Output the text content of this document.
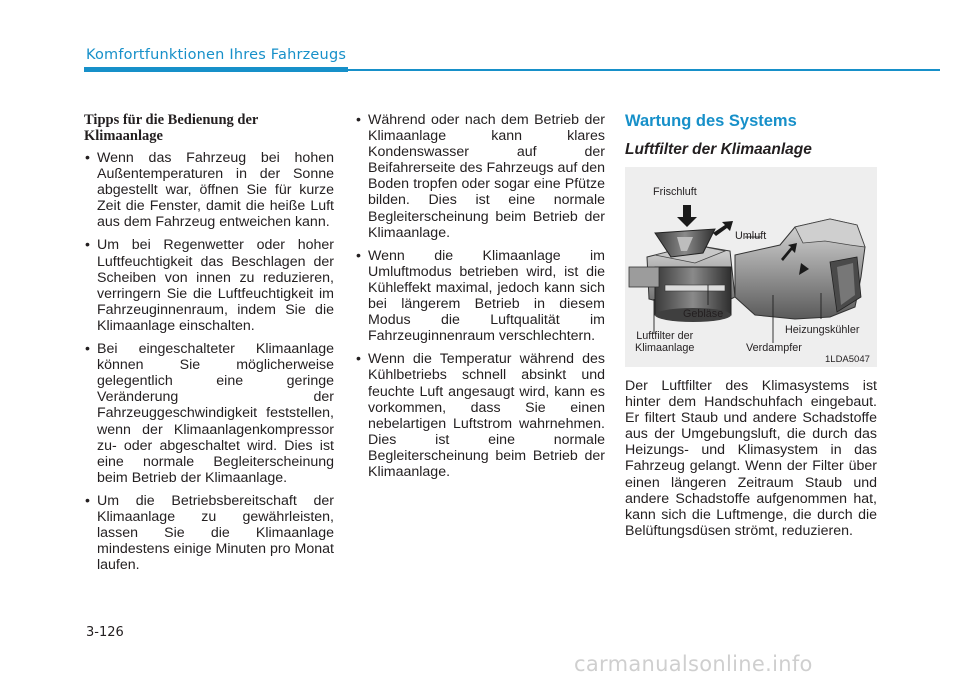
Komfortfunktionen Ihres Fahrzeugs
Tipps für die Bedienung der Klimaanlage
• Wenn das Fahrzeug bei hohen Außentemperaturen in der Sonne abgestellt war, öffnen Sie für kurze Zeit die Fenster, damit die heiße Luft aus dem Fahrzeug entweichen kann.
• Um bei Regenwetter oder hoher Luftfeuchtigkeit das Beschlagen der Scheiben von innen zu reduzieren, verringern Sie die Luftfeuchtigkeit im Fahrzeuginnenraum, indem Sie die Klimaanlage einschalten.
• Bei eingeschalteter Klimaanlage können Sie möglicherweise gelegentlich eine geringe Veränderung der Fahrzeuggeschwindigkeit feststellen, wenn der Klimaanlagenkompressor zu- oder abgeschaltet wird. Dies ist eine normale Begleiterscheinung beim Betrieb der Klimaanlage.
• Um die Betriebsbereitschaft der Klimaanlage zu gewährleisten, lassen Sie die Klimaanlage mindestens einige Minuten pro Monat laufen.
• Während oder nach dem Betrieb der Klimaanlage kann klares Kondenswasser auf der Beifahrerseite des Fahrzeugs auf den Boden tropfen oder sogar eine Pfütze bilden. Dies ist eine normale Begleiterscheinung beim Betrieb der Klimaanlage.
• Wenn die Klimaanlage im Umluftmodus betrieben wird, ist die Kühleffekt maximal, jedoch kann sich bei längerem Betrieb in diesem Modus die Luftqualität im Fahrzeuginnenraum verschlechtern.
• Wenn die Temperatur während des Kühlbetriebs schnell absinkt und feuchte Luft angesaugt wird, kann es vorkommen, dass Sie einen nebelartigen Luftstrom wahrnehmen. Dies ist eine normale Begleiterscheinung beim Betrieb der Klimaanlage.
Wartung des Systems
Luftfilter der Klimaanlage
Frischluft
Umluft
Gebläse
Luftfilter der
Klimaanlage	Verdampfer
Heizungskühler
1LDA5047
Der Luftfilter des Klimasystems ist hinter dem Handschuhfach eingebaut. Er filtert Staub und andere Schadstoffe aus der Umgebungsluft, die durch das Heizungs- und Klimasystem in das Fahrzeug gelangt. Wenn der Filter über einen längeren Zeitraum Staub und andere Schadstoffe aufgenommen hat, kann sich die Luftmenge, die durch die Belüftungsdüsen strömt, reduzieren.
3-126
carmanualsonline.info
